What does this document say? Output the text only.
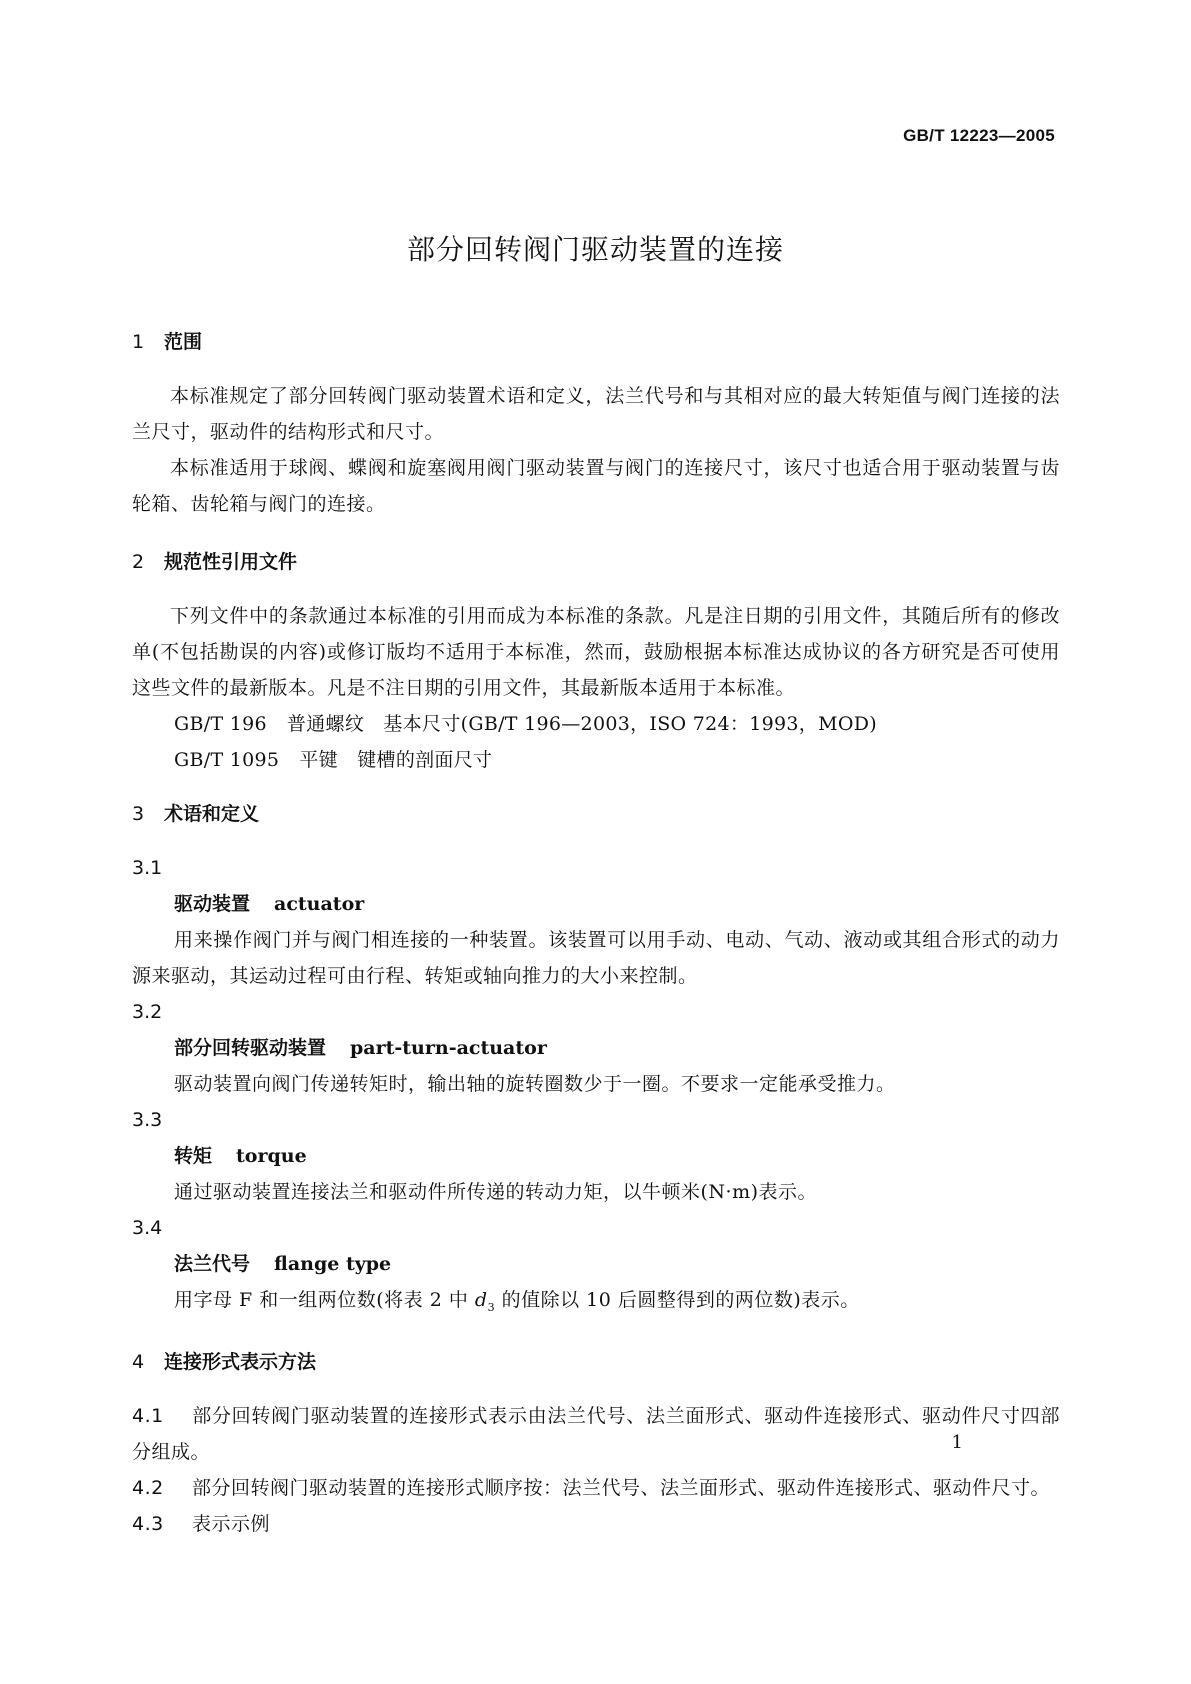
GB/T 12223—2005
部分回转阀门驱动装置的连接
1 范围
本标准规定了部分回转阀门驱动装置术语和定义，法兰代号和与其相对应的最大转矩值与阀门连接的法兰尺寸，驱动件的结构形式和尺寸。
本标准适用于球阀、蝶阀和旋塞阀用阀门驱动装置与阀门的连接尺寸，该尺寸也适合用于驱动装置与齿轮箱、齿轮箱与阀门的连接。
2 规范性引用文件
下列文件中的条款通过本标准的引用而成为本标准的条款。凡是注日期的引用文件，其随后所有的修改单(不包括勘误的内容)或修订版均不适用于本标准，然而，鼓励根据本标准达成协议的各方研究是否可使用这些文件的最新版本。凡是不注日期的引用文件，其最新版本适用于本标准。
GB/T 196 普通螺纹　基本尺寸(GB/T 196—2003，ISO 724：1993，MOD)
GB/T 1095 平键　键槽的剖面尺寸
3 术语和定义
3.1
驱动装置 actuator
用来操作阀门并与阀门相连接的一种装置。该装置可以用手动、电动、气动、液动或其组合形式的动力源来驱动，其运动过程可由行程、转矩或轴向推力的大小来控制。
3.2
部分回转驱动装置 part-turn-actuator
驱动装置向阀门传递转矩时，输出轴的旋转圈数少于一圈。不要求一定能承受推力。
3.3
转矩 torque
通过驱动装置连接法兰和驱动件所传递的转动力矩，以牛顿米(N·m)表示。
3.4
法兰代号 flange type
用字母 F 和一组两位数(将表 2 中 $d_3$ 的值除以 10 后圆整得到的两位数)表示。
4 连接形式表示方法
4.1 部分回转阀门驱动装置的连接形式表示由法兰代号、法兰面形式、驱动件连接形式、驱动件尺寸四部分组成。
4.2 部分回转阀门驱动装置的连接形式顺序按：法兰代号、法兰面形式、驱动件连接形式、驱动件尺寸。
4.3 表示示例
1
